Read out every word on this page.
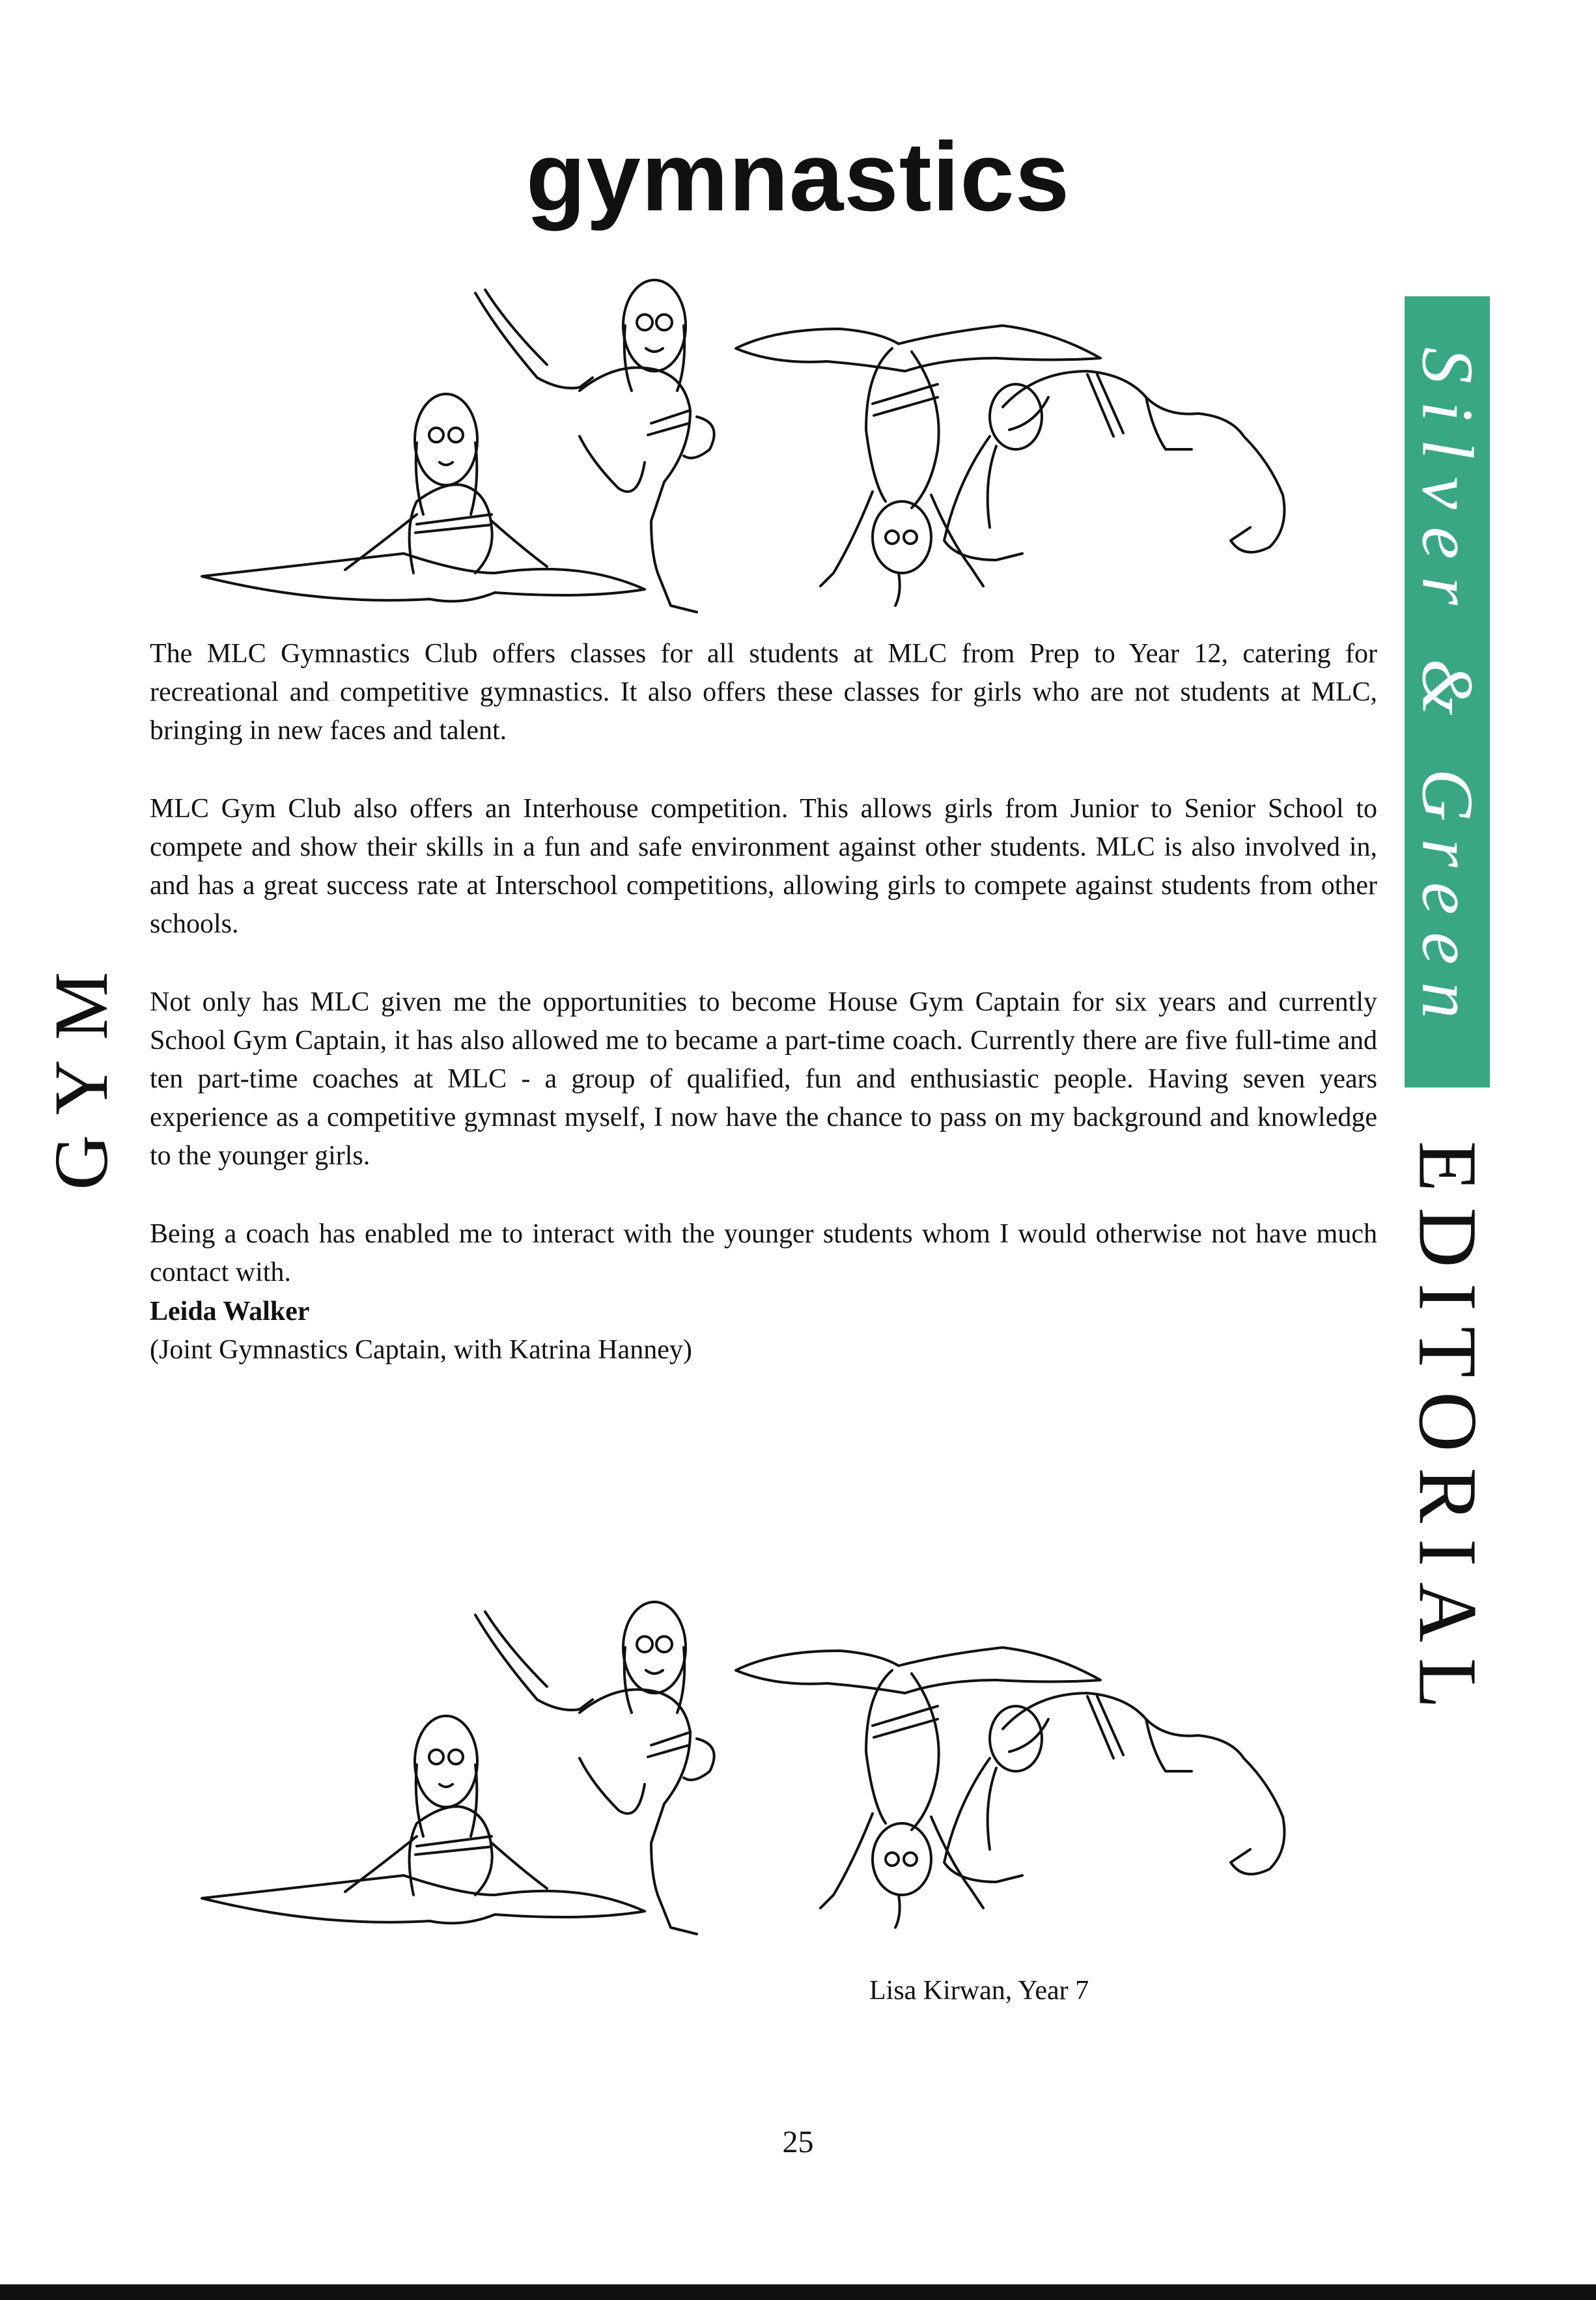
gymnastics
Silver & Green
EDITORIAL
GYM

The MLC Gymnastics Club offers classes for all students at MLC from Prep to Year 12, catering for recreational and competitive gymnastics. It also offers these classes for girls who are not students at MLC, bringing in new faces and talent.

MLC Gym Club also offers an Interhouse competition. This allows girls from Junior to Senior School to compete and show their skills in a fun and safe environment against other students. MLC is also involved in, and has a great success rate at Interschool competitions, allowing girls to compete against students from other schools.

Not only has MLC given me the opportunities to become House Gym Captain for six years and currently School Gym Captain, it has also allowed me to became a part-time coach. Currently there are five full-time and ten part-time coaches at MLC - a group of qualified, fun and enthusiastic people. Having seven years experience as a competitive gymnast myself, I now have the chance to pass on my background and knowledge to the younger girls.

Being a coach has enabled me to interact with the younger students whom I would otherwise not have much contact with.

Leida Walker
(Joint Gymnastics Captain, with Katrina Hanney)
Lisa Kirwan, Year 7
25
